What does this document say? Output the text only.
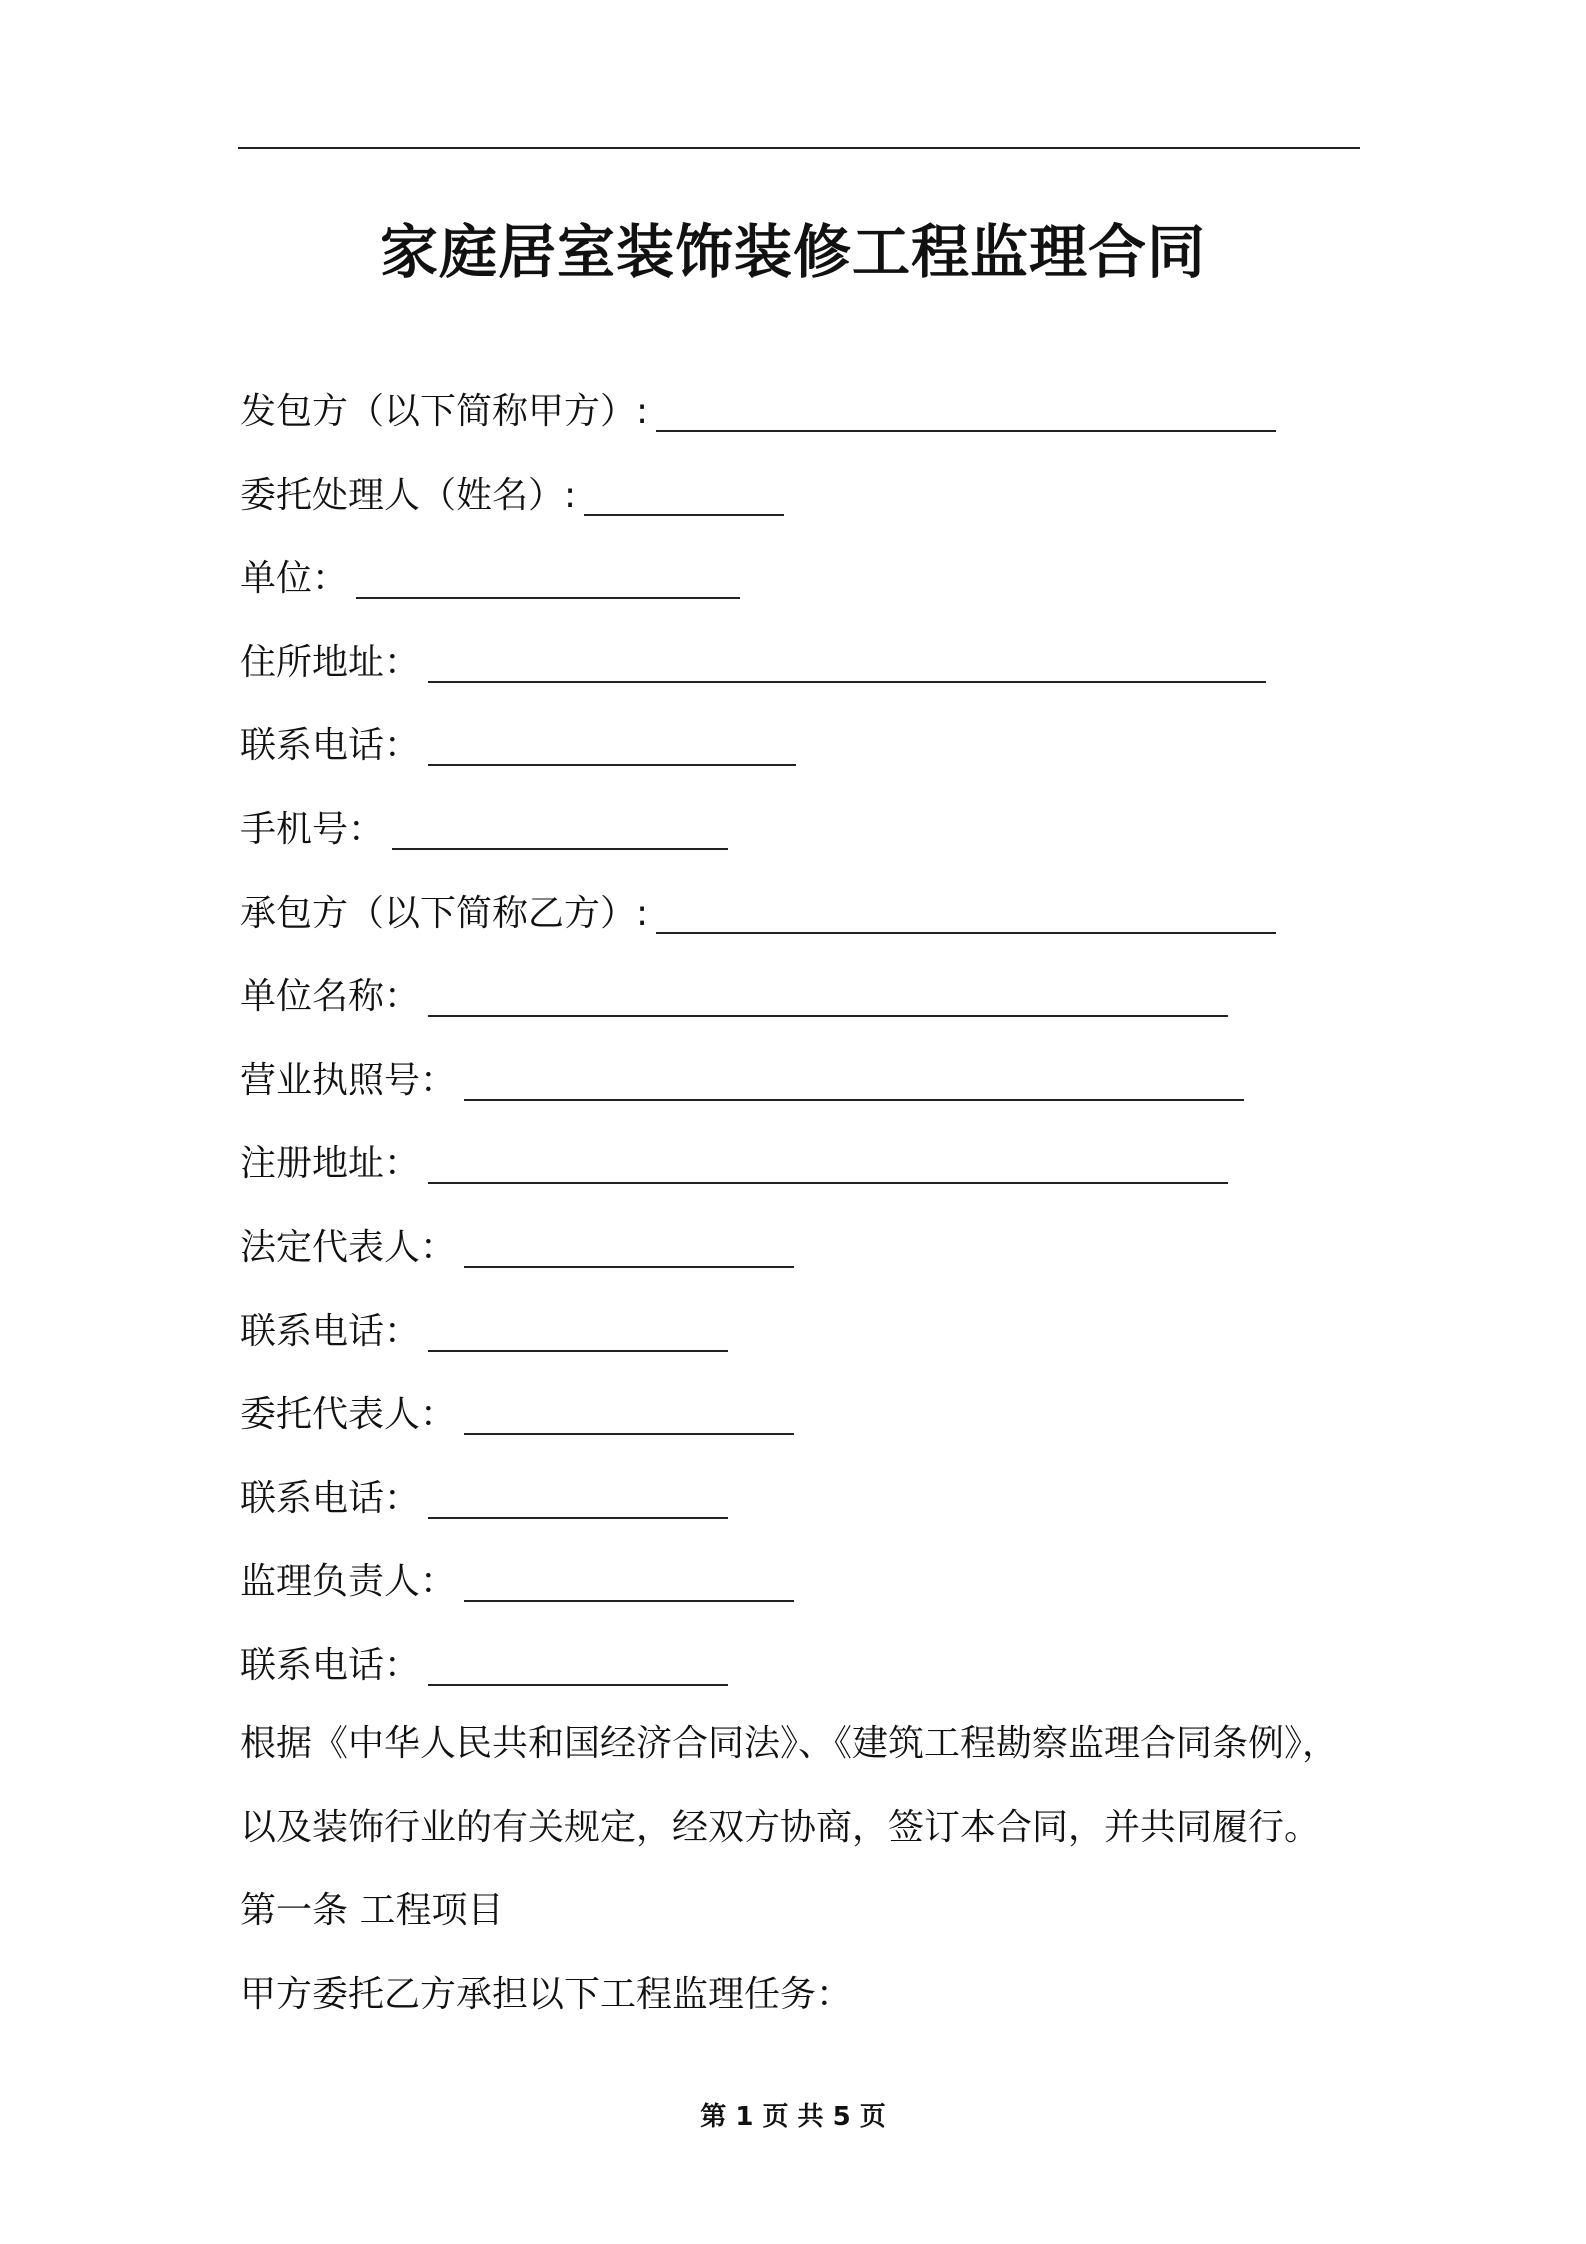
家庭居室装饰装修工程监理合同
发包方（以下简称甲方）:
委托处理人（姓名）:
单位：
住所地址：
联系电话：
手机号：
承包方（以下简称乙方）:
单位名称：
营业执照号：
注册地址：
法定代表人：
联系电话：
委托代表人：
联系电话：
监理负责人：
联系电话：
根据《中华人民共和国经济合同法》、《建筑工程勘察监理合同条例》，
以及装饰行业的有关规定，经双方协商，签订本合同，并共同履行。
第一条 工程项目
甲方委托乙方承担以下工程监理任务：
第 1 页 共 5 页
